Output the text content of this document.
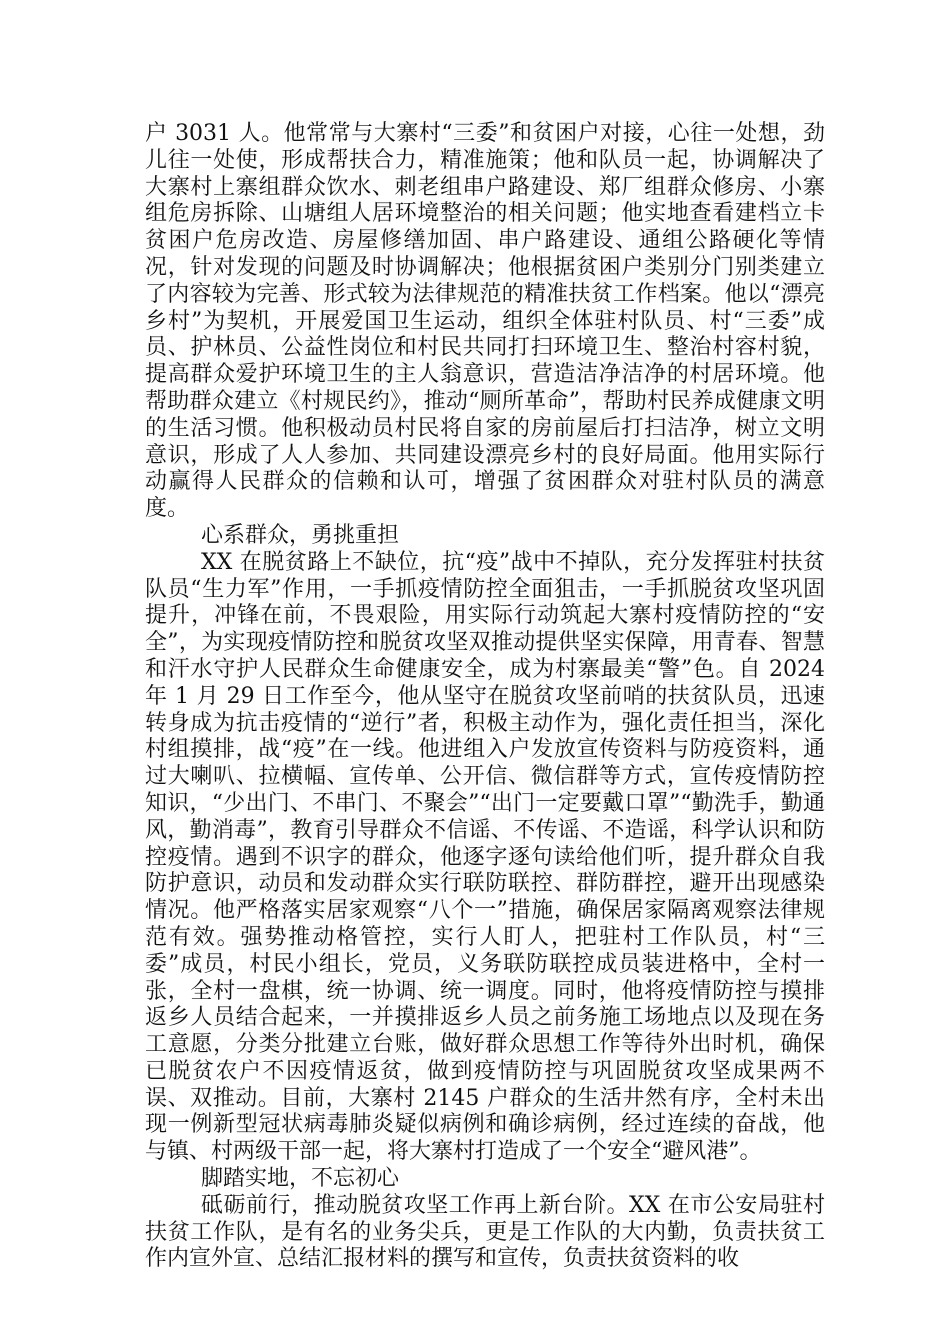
户 3031 人。他常常与大寨村“三委”和贫困户对接，心往一处想，劲儿往一处使，形成帮扶合力，精准施策；他和队员一起，协调解决了大寨村上寨组群众饮水、刺老组串户路建设、郑厂组群众修房、小寨组危房拆除、山塘组人居环境整治的相关问题；他实地查看建档立卡贫困户危房改造、房屋修缮加固、串户路建设、通组公路硬化等情况，针对发现的问题及时协调解决；他根据贫困户类别分门别类建立了内容较为完善、形式较为法律规范的精准扶贫工作档案。他以“漂亮乡村”为契机，开展爱国卫生运动，组织全体驻村队员、村“三委”成员、护林员、公益性岗位和村民共同打扫环境卫生、整治村容村貌，提高群众爱护环境卫生的主人翁意识，营造洁净洁净的村居环境。他帮助群众建立《村规民约》，推动“厕所革命”，帮助村民养成健康文明的生活习惯。他积极动员村民将自家的房前屋后打扫洁净，树立文明意识，形成了人人参加、共同建设漂亮乡村的良好局面。他用实际行动赢得人民群众的信赖和认可，增强了贫困群众对驻村队员的满意度。

心系群众，勇挑重担

XX 在脱贫路上不缺位，抗“疫”战中不掉队，充分发挥驻村扶贫队员“生力军”作用，一手抓疫情防控全面狙击，一手抓脱贫攻坚巩固提升，冲锋在前，不畏艰险，用实际行动筑起大寨村疫情防控的“安全”，为实现疫情防控和脱贫攻坚双推动提供坚实保障，用青春、智慧和汗水守护人民群众生命健康安全，成为村寨最美“警”色。自 2024 年 1 月 29 日工作至今，他从坚守在脱贫攻坚前哨的扶贫队员，迅速转身成为抗击疫情的“逆行”者，积极主动作为，强化责任担当，深化村组摸排，战“疫”在一线。他进组入户发放宣传资料与防疫资料，通过大喇叭、拉横幅、宣传单、公开信、微信群等方式，宣传疫情防控知识，“少出门、不串门、不聚会”“出门一定要戴口罩”“勤洗手，勤通风，勤消毒”，教育引导群众不信谣、不传谣、不造谣，科学认识和防控疫情。遇到不识字的群众，他逐字逐句读给他们听，提升群众自我防护意识，动员和发动群众实行联防联控、群防群控，避开出现感染情况。他严格落实居家观察“八个一”措施，确保居家隔离观察法律规范有效。强势推动格管控，实行人盯人，把驻村工作队员，村“三委”成员，村民小组长，党员，义务联防联控成员装进格中，全村一张，全村一盘棋，统一协调、统一调度。同时，他将疫情防控与摸排返乡人员结合起来，一并摸排返乡人员之前务施工场地点以及现在务工意愿，分类分批建立台账，做好群众思想工作等待外出时机，确保已脱贫农户不因疫情返贫，做到疫情防控与巩固脱贫攻坚成果两不误、双推动。目前，大寨村 2145 户群众的生活井然有序，全村未出现一例新型冠状病毒肺炎疑似病例和确诊病例，经过连续的奋战，他与镇、村两级干部一起，将大寨村打造成了一个安全“避风港”。

脚踏实地，不忘初心

砥砺前行，推动脱贫攻坚工作再上新台阶。XX 在市公安局驻村扶贫工作队，是有名的业务尖兵，更是工作队的大内勤，负责扶贫工作内宣外宣、总结汇报材料的撰写和宣传，负责扶贫资料的收
